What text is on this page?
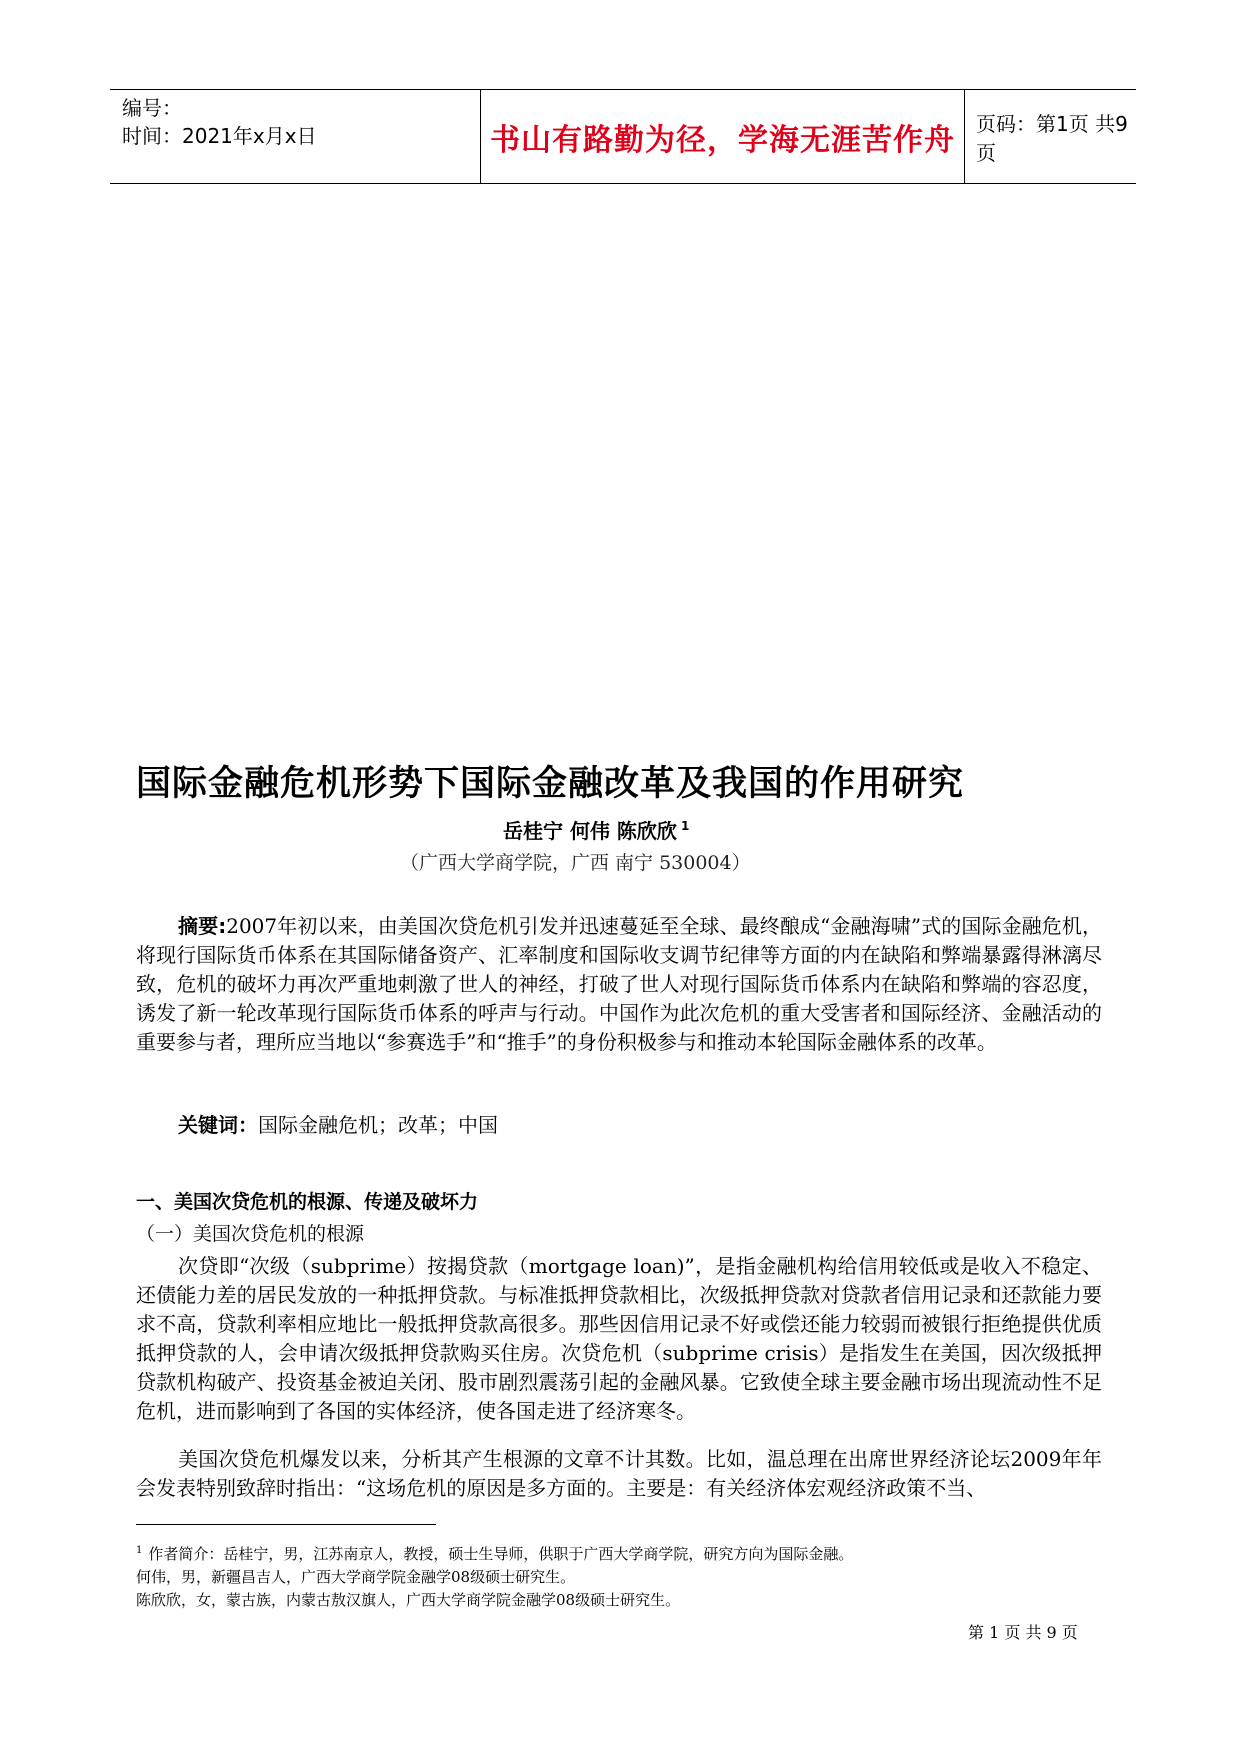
编号：
时间：2021年x月x日	书山有路勤为径，学海无涯苦作舟	页码：第1页 共9页
国际金融危机形势下国际金融改革及我国的作用研究
岳桂宁 何伟 陈欣欣 $^1$
（广西大学商学院，广西 南宁 530004）
摘要:2007年初以来，由美国次贷危机引发并迅速蔓延至全球、最终酿成“金融海啸”式的国际金融危机，将现行国际货币体系在其国际储备资产、汇率制度和国际收支调节纪律等方面的内在缺陷和弊端暴露得淋漓尽致，危机的破坏力再次严重地刺激了世人的神经，打破了世人对现行国际货币体系内在缺陷和弊端的容忍度，诱发了新一轮改革现行国际货币体系的呼声与行动。中国作为此次危机的重大受害者和国际经济、金融活动的重要参与者，理所应当地以“参赛选手”和“推手”的身份积极参与和推动本轮国际金融体系的改革。
关键词：国际金融危机；改革；中国
一、美国次贷危机的根源、传递及破坏力
（一）美国次贷危机的根源
次贷即“次级（subprime）按揭贷款（mortgage loan)”，是指金融机构给信用较低或是收入不稳定、还债能力差的居民发放的一种抵押贷款。与标准抵押贷款相比，次级抵押贷款对贷款者信用记录和还款能力要求不高，贷款利率相应地比一般抵押贷款高很多。那些因信用记录不好或偿还能力较弱而被银行拒绝提供优质抵押贷款的人，会申请次级抵押贷款购买住房。次贷危机（subprime crisis）是指发生在美国，因次级抵押贷款机构破产、投资基金被迫关闭、股市剧烈震荡引起的金融风暴。它致使全球主要金融市场出现流动性不足危机，进而影响到了各国的实体经济，使各国走进了经济寒冬。
美国次贷危机爆发以来，分析其产生根源的文章不计其数。比如，温总理在出席世界经济论坛2009年年会发表特别致辞时指出：“这场危机的原因是多方面的。主要是：有关经济体宏观经济政策不当、
$^1$ 作者简介：岳桂宁，男，江苏南京人，教授，硕士生导师，供职于广西大学商学院，研究方向为国际金融。
何伟，男，新疆昌吉人，广西大学商学院金融学08级硕士研究生。
陈欣欣，女，蒙古族，内蒙古敖汉旗人，广西大学商学院金融学08级硕士研究生。
第 1 页 共 9 页
